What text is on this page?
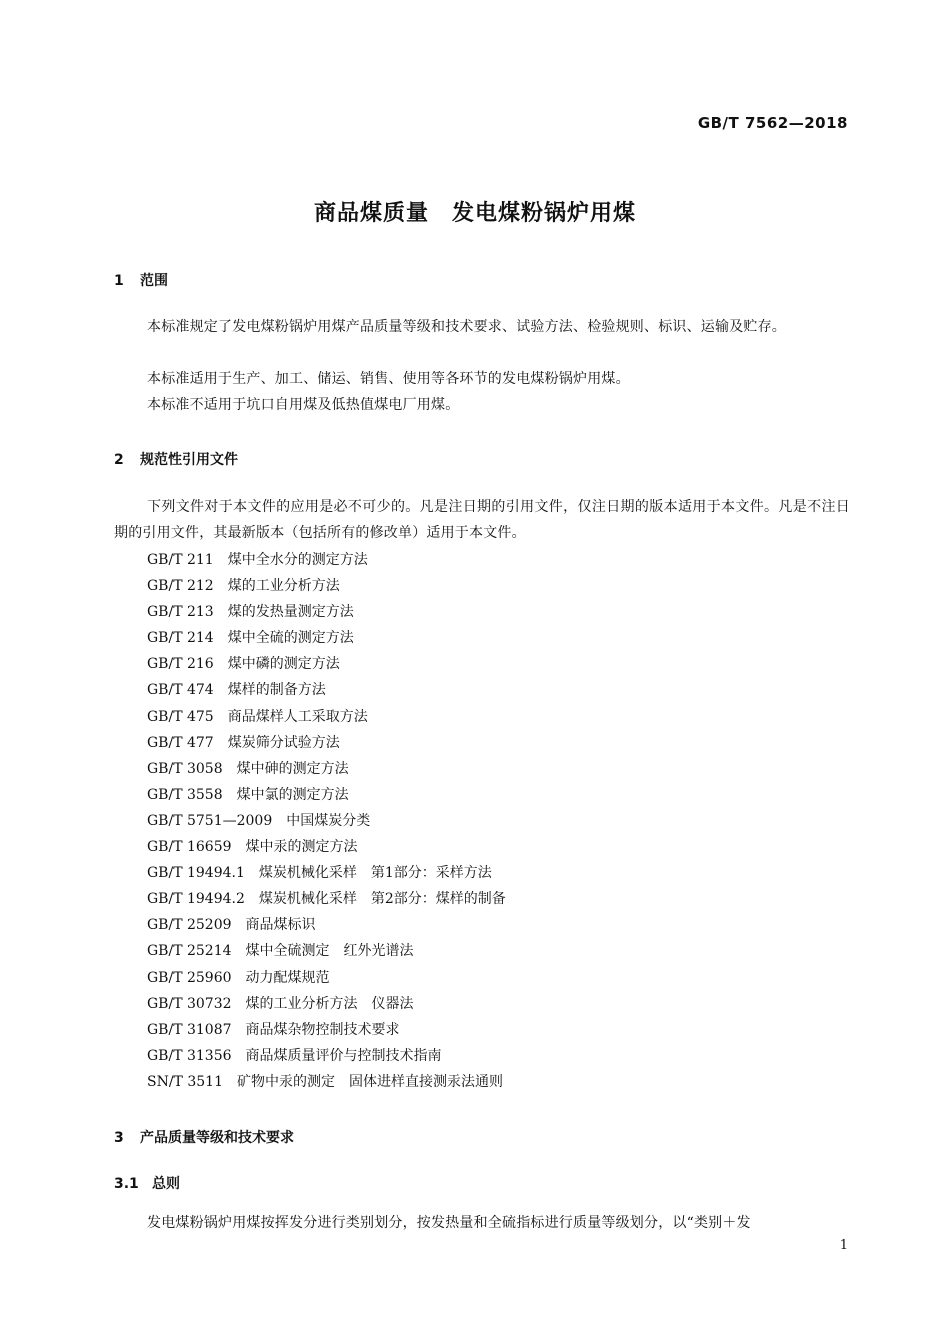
GB/T 7562—2018
商品煤质量　发电煤粉锅炉用煤
1 范围
本标准规定了发电煤粉锅炉用煤产品质量等级和技术要求、试验方法、检验规则、标识、运输及贮存。
本标准适用于生产、加工、储运、销售、使用等各环节的发电煤粉锅炉用煤。
本标准不适用于坑口自用煤及低热值煤电厂用煤。
2 规范性引用文件
下列文件对于本文件的应用是必不可少的。凡是注日期的引用文件，仅注日期的版本适用于本文件。凡是不注日期的引用文件，其最新版本（包括所有的修改单）适用于本文件。
GB/T 211　煤中全水分的测定方法
GB/T 212　煤的工业分析方法
GB/T 213　煤的发热量测定方法
GB/T 214　煤中全硫的测定方法
GB/T 216　煤中磷的测定方法
GB/T 474　煤样的制备方法
GB/T 475　商品煤样人工采取方法
GB/T 477　煤炭筛分试验方法
GB/T 3058　煤中砷的测定方法
GB/T 3558　煤中氯的测定方法
GB/T 5751—2009　中国煤炭分类
GB/T 16659　煤中汞的测定方法
GB/T 19494.1　煤炭机械化采样　第1部分：采样方法
GB/T 19494.2　煤炭机械化采样　第2部分：煤样的制备
GB/T 25209　商品煤标识
GB/T 25214　煤中全硫测定　红外光谱法
GB/T 25960　动力配煤规范
GB/T 30732　煤的工业分析方法　仪器法
GB/T 31087　商品煤杂物控制技术要求
GB/T 31356　商品煤质量评价与控制技术指南
SN/T 3511　矿物中汞的测定　固体进样直接测汞法通则
3 产品质量等级和技术要求
3.1 总则
发电煤粉锅炉用煤按挥发分进行类别划分，按发热量和全硫指标进行质量等级划分，以“类别＋发
1
